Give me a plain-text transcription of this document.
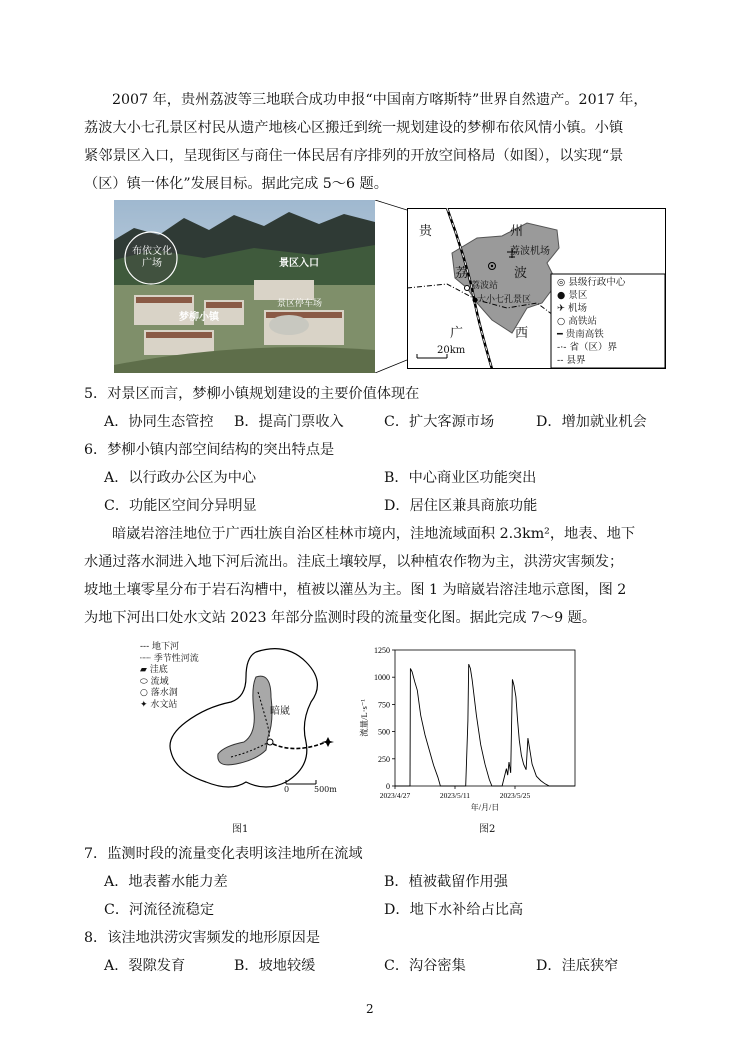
2007 年，贵州荔波等三地联合成功申报“中国南方喀斯特”世界自然遗产。2017 年，
荔波大小七孔景区村民从遗产地核心区搬迁到统一规划建设的梦柳布依风情小镇。小镇
紧邻景区入口，呈现街区与商住一体民居有序排列的开放空间格局（如图），以实现“景
（区）镇一体化”发展目标。据此完成 5～6 题。
布依文化广场	景区入口
景区停车场
梦柳小镇
贵	州
荔	波
广	西
荔波机场
荔波站
大小七孔景区
20km
◎ 县级行政中心
● 景区
✈ 机场
○ 高铁站
━ 贵南高铁
-·- 省（区）界
-- 县界
5．对景区而言，梦柳小镇规划建设的主要价值体现在
A．协同生态管控 B．提高门票收入	C．扩大客源市场	D．增加就业机会
6．梦柳小镇内部空间结构的突出特点是
A．以行政办公区为中心	B．中心商业区功能突出
C．功能区空间分异明显	D．居住区兼具商旅功能
暗崴岩溶洼地位于广西壮族自治区桂林市境内，洼地流域面积 2.3km²，地表、地下
水通过落水洞进入地下河后流出。洼底土壤较厚，以种植农作物为主，洪涝灾害频发；
坡地土壤零星分布于岩石沟槽中，植被以灌丛为主。图 1 为暗崴岩溶洼地示意图，图 2
为地下河出口处水文站 2023 年部分监测时段的流量变化图。据此完成 7～9 题。
‐‐‐ 地下河
┈┈ 季节性河流
▰ 洼底
⬭ 流域
○ 落水洞
✦ 水文站
暗崴
0	500m
图1
0
250
500
750
1000
1250
2023/4/27	2023/5/11	2023/5/25
流量/L·s⁻¹
年/月/日
图2
7．监测时段的流量变化表明该洼地所在流域
A．地表蓄水能力差	B．植被截留作用强
C．河流径流稳定	D．地下水补给占比高
8．该洼地洪涝灾害频发的地形原因是
A．裂隙发育	B．坡地较缓	C．沟谷密集	D．洼底狭窄
2
